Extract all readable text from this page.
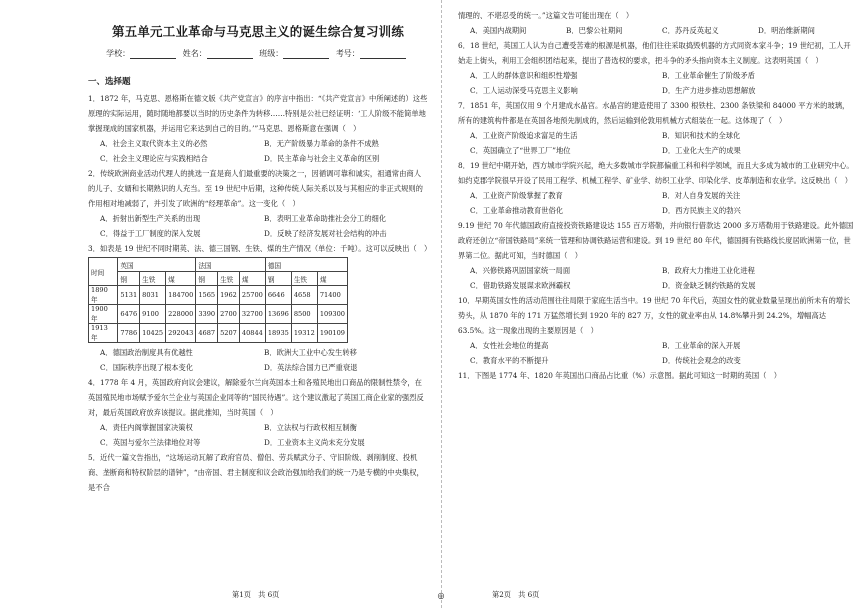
第五单元工业革命与马克思主义的诞生综合复习训练
学校：	姓名：	班级：	考号：
一、选择题

1．1872 年，马克思、恩格斯在德文版《共产党宣言》的序言中指出：“《共产党宣言》中所阐述的）这些原理的实际运用，随时随地都要以当时的历史条件为转移……特别是公社已经证明：‘工人阶级不能简单地掌握现成的国家机器，并运用它来达到自己的目的。’”马克思、恩格斯意在强调（　）

A．社会主义取代资本主义的必然	B．无产阶级暴力革命的条件不成熟
C．社会主义理论应与实践相结合	D．民主革命与社会主义革命的区别

2．传统欧洲商业活动代理人的挑选一直是商人们最重要的决策之一，因循调可靠和诚实，祖通常由商人的儿子、女婿和长期熟识的人充当。至 19 世纪中后期，这种传统人际关系以及与其相应的非正式规则的作用相对地减弱了，并引发了欧洲的“经理革命”。这一变化（　）

A．折射出新型生产关系的出现	B．表明工业革命助推社会分工的细化
C．得益于工厂制度的深入发展	D．反映了经济发展对社会结构的冲击

3．如表是 19 世纪不同时期英、法、德三国钢、生铁、煤的生产情况（单位：千吨）。这可以反映出（　）

时间	英国			法国			德国		
	钢	生铁	煤	钢	生铁	煤	钢	生铁	煤
1890 年	5131	8031	184700	1565	1962	25700	6646	4658	71400
1900 年	6476	9100	228000	3390	2700	32700	13696	8500	109300
1913 年	7786	10425	292043	4687	5207	40844	18935	19312	190109
A．德国政治制度具有优越性	B．欧洲大工业中心发生转移
C．国际秩序出现了根本变化	D．英法综合国力已严重衰退

4．1778 年 4 月，英国政府向议会建议，解除爱尔兰向英国本土和各殖民地出口商品的限制性禁令，在英国殖民地市场赋予爱尔兰企业与英国企业同等的“国民待遇”。这个建议激起了英国工商企业家的强烈反对，最后英国政府放弃该提议。据此推知，当时英国（　）

A．责任内阁掌握国家决策权	B．立法权与行政权相互制衡
C．英国与爱尔兰法律地位对等	D．工业资本主义尚未充分发展

5．近代一篇文告指出，“这场运动瓦解了政府官员、僧侣、劳兵赋武分子、守旧阶级、剥削制度、投机商、垄断商和特权阶层的谱钟”，“由帝国、君主制度和议会政治强加给我们的统一乃是专横的中央集权，是不合

第1页　共 6页	◎

情理的、不堪忍受的统一。”这篇文告可能出现在（　）

A．美国内战期间	B．巴黎公社期间	C．苏丹反英起义	D．明治维新期间

6．18 世纪，英国工人认为自己遭受苦难的根源是机器，他们往往采取捣毁机器的方式同资本家斗争；19 世纪初，工人开始走上街头，利用工会组织团结起来，提出了普选权的要求，把斗争的矛头指向资本主义制度。这表明英国（　）

A．工人的群体意识和组织性增强	B．工业革命催生了阶级矛盾
C．工人运动深受马克思主义影响	D．生产力进步推动思想解放

7．1851 年，英国仅用 9 个月建成水晶宫。水晶宫的建造使用了 3300 根铁柱、2300 条铁梁和 84000 平方米的玻璃，所有的建筑构件都是在英国各地预先制成的，然后运输到伦敦用机械方式组装在一起。这体现了（　）

A．工业资产阶级追求富足的生活	B．知识和技术的全球化
C．英国确立了“世界工厂”地位	D．工业化大生产的成果

8．19 世纪中期开始，西方城市学院兴起，绝大多数城市学院都偏重工科和科学领域，而且大多成为城市的工业研究中心。如约克郡学院很早开设了民用工程学、机械工程学、矿业学、纺织工业学、印染化学、皮革制造和农业学。这反映出（　）

A．工业资产阶级掌握了教育	B．对人自身发展的关注
C．工业革命推动教育世俗化	D．西方民族主义的勃兴

9.19 世纪 70 年代德国政府直接投资铁路建设达 155 百万塔勒，并向银行借款达 2000 多万塔勒用于铁路建设。此外德国政府还创立“帝国铁路局”来统一管理和协调铁路运营和建设。到 19 世纪 80 年代，德国拥有铁路线长度居欧洲第一位，世界第二位。据此可知，当时德国（　）

A．兴修铁路巩固国家统一局面	B．政府大力推进工业化进程
C．借助铁路发展谋求欧洲霸权	D．资金缺乏制约铁路的发展

10．早期英国女性的活动范围往往局限于家庭生活当中。19 世纪 70 年代后，英国女性的就业数量呈现出前所未有的增长势头，从 1870 年的 171 万猛然增长到 1920 年的 827 万，女性的就业率由从 14.8%攀升到 24.2%，增幅高达 63.5%。这一现象出现的主要原因是（　）

A．女性社会地位的提高	B．工业革命的深入开展
C．教育水平的不断提升	D．传统社会观念的改变

11．下图是 1774 年、1820 年英国出口商品占比重（%）示意图。据此可知这一时期的英国（　）

第2页　共 6页
